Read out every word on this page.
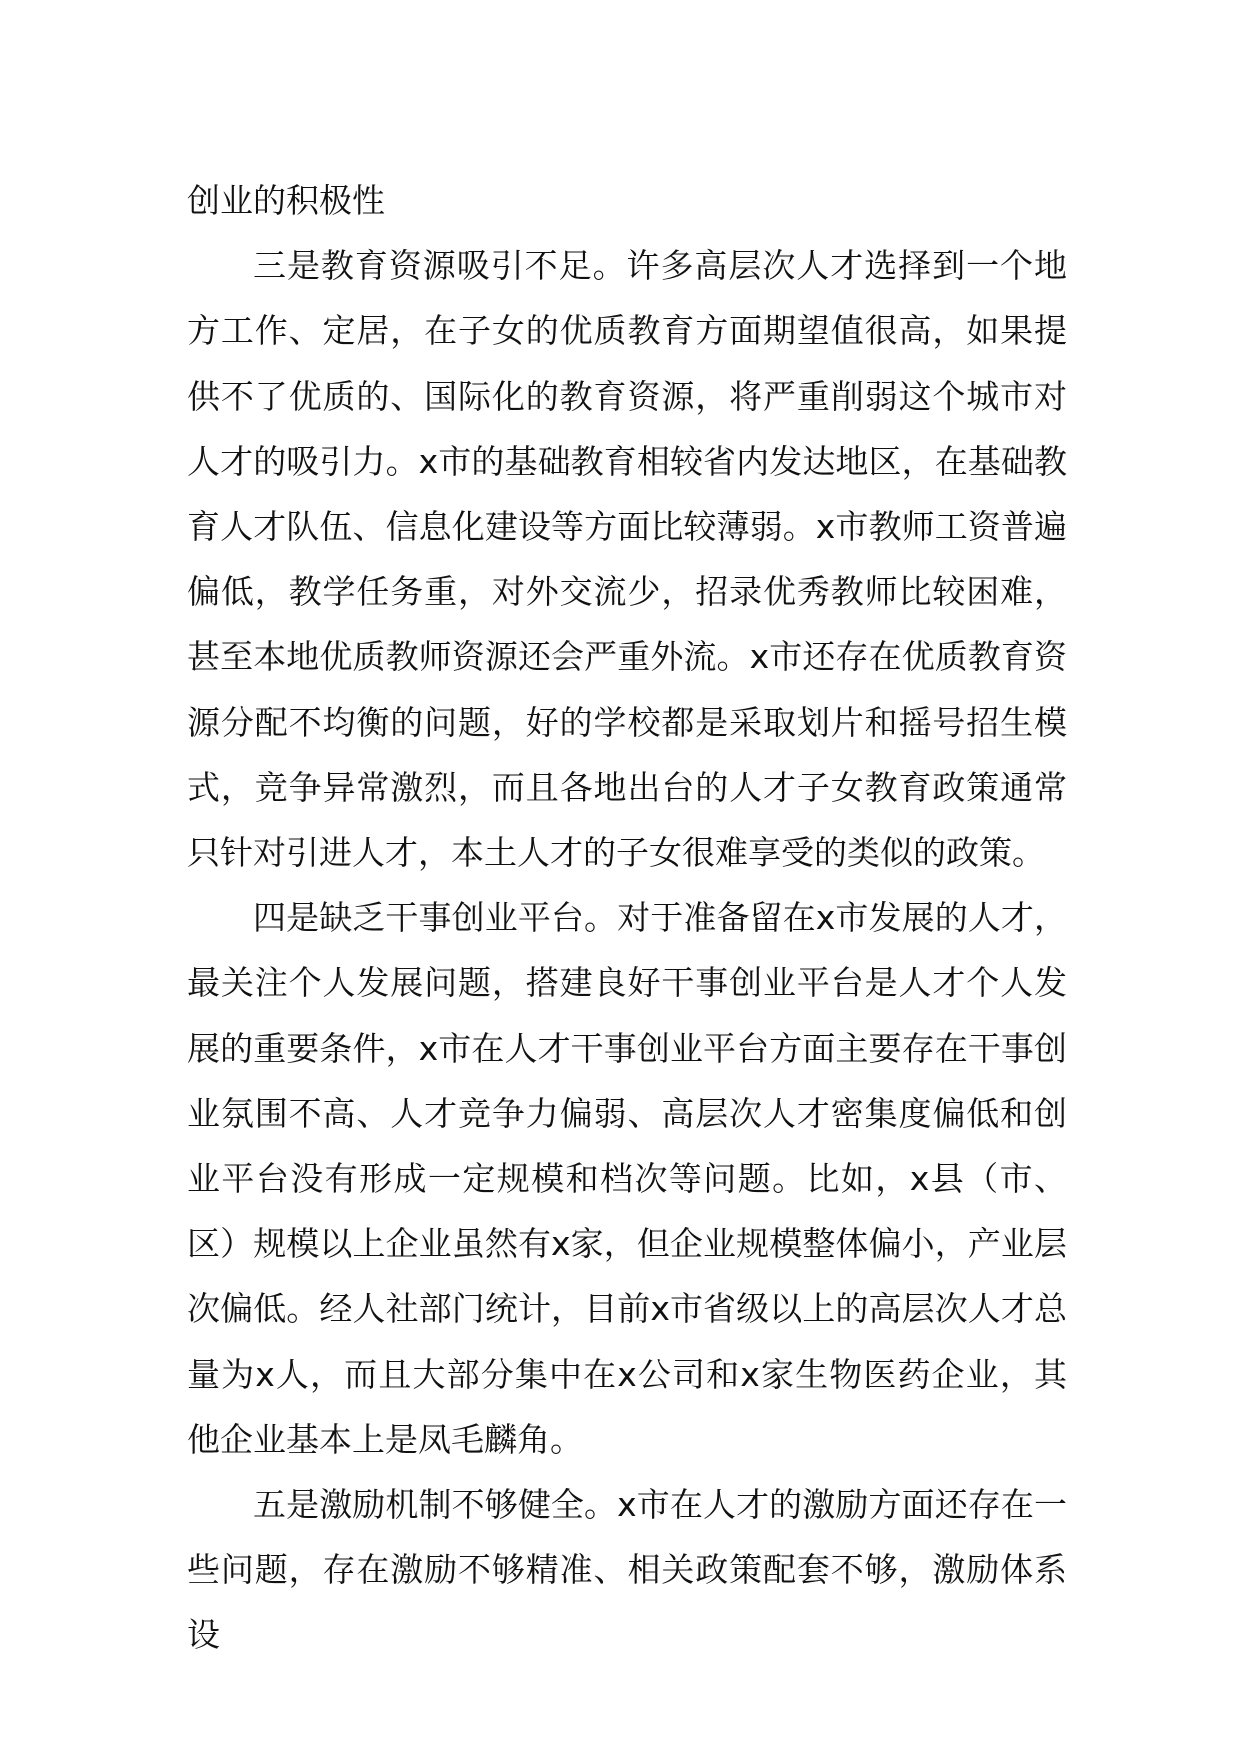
创业的积极性

三是教育资源吸引不足。许多高层次人才选择到一个地方工作、定居，在子女的优质教育方面期望值很高，如果提供不了优质的、国际化的教育资源，将严重削弱这个城市对人才的吸引力。x市的基础教育相较省内发达地区，在基础教育人才队伍、信息化建设等方面比较薄弱。x市教师工资普遍偏低，教学任务重，对外交流少，招录优秀教师比较困难，甚至本地优质教师资源还会严重外流。x市还存在优质教育资源分配不均衡的问题，好的学校都是采取划片和摇号招生模式，竞争异常激烈，而且各地出台的人才子女教育政策通常只针对引进人才，本土人才的子女很难享受的类似的政策。

四是缺乏干事创业平台。对于准备留在x市发展的人才，最关注个人发展问题，搭建良好干事创业平台是人才个人发展的重要条件，x市在人才干事创业平台方面主要存在干事创业氛围不高、人才竞争力偏弱、高层次人才密集度偏低和创业平台没有形成一定规模和档次等问题。比如，x县（市、区）规模以上企业虽然有x家，但企业规模整体偏小，产业层次偏低。经人社部门统计，目前x市省级以上的高层次人才总量为x人，而且大部分集中在x公司和x家生物医药企业，其他企业基本上是凤毛麟角。

五是激励机制不够健全。x市在人才的激励方面还存在一些问题，存在激励不够精准、相关政策配套不够，激励体系设
